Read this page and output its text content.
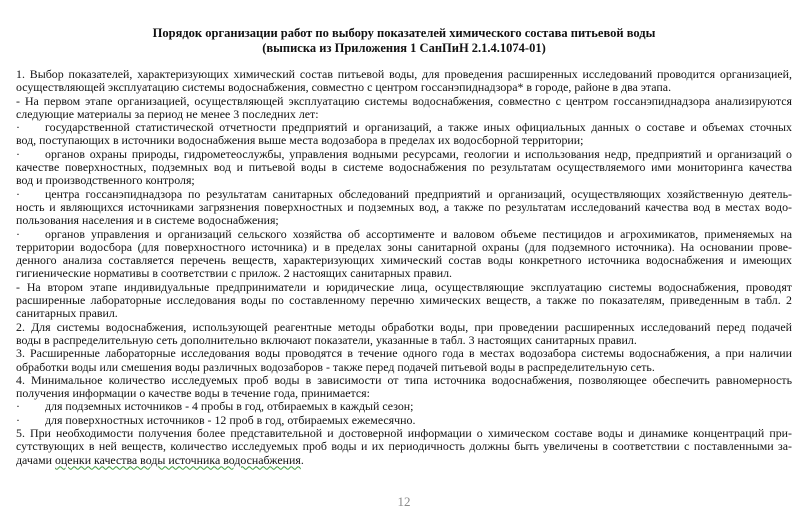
Порядок организации работ по выбору показателей химического состава питьевой воды
(выписка из Приложения 1 СанПиН 2.1.4.1074-01)
1. Выбор показателей, характеризующих химический состав питьевой воды, для проведения расширенных исследований проводится организацией,
осуществляющей эксплуатацию системы водоснабжения, совместно с центром госсанэпиднадзора* в городе, районе в два этапа.
- На первом этапе организацией, осуществляющей эксплуатацию системы водоснабжения, совместно с центром госсанэпиднадзора анализируются
следующие материалы за период не менее 3 последних лет:
· государственной статистической отчетности предприятий и организаций, а также иных официальных данных о составе и объемах сточных
вод, поступающих в источники водоснабжения выше места водозабора в пределах их водосборной территории;
· органов охраны природы, гидрометеослужбы, управления водными ресурсами, геологии и использования недр, предприятий и организаций о
качестве поверхностных, подземных вод и питьевой воды в системе водоснабжения по результатам осуществляемого ими мониторинга качества
вод и производственного контроля;
· центра госсанэпиднадзора по результатам санитарных обследований предприятий и организаций, осуществляющих хозяйственную деятель-
ность и являющихся источниками загрязнения поверхностных и подземных вод, а также по результатам исследований качества вод в местах водо-
пользования населения и в системе водоснабжения;
· органов управления и организаций сельского хозяйства об ассортименте и валовом объеме пестицидов и агрохимикатов, применяемых на
территории водосбора (для поверхностного источника) и в пределах зоны санитарной охраны (для подземного источника). На основании прове-
денного анализа составляется перечень веществ, характеризующих химический состав воды конкретного источника водоснабжения и имеющих
гигиенические нормативы в соответствии с прилож. 2 настоящих санитарных правил.
- На втором этапе индивидуальные предприниматели и юридические лица, осуществляющие эксплуатацию системы водоснабжения, проводят
расширенные лабораторные исследования воды по составленному перечню химических веществ, а также по показателям, приведенным в табл. 2
санитарных правил.
2. Для системы водоснабжения, использующей реагентные методы обработки воды, при проведении расширенных исследований перед подачей
воды в распределительную сеть дополнительно включают показатели, указанные в табл. 3 настоящих санитарных правил.
3. Расширенные лабораторные исследования воды проводятся в течение одного года в местах водозабора системы водоснабжения, а при наличии
обработки воды или смешения воды различных водозаборов - также перед подачей питьевой воды в распределительную сеть.
4. Минимальное количество исследуемых проб воды в зависимости от типа источника водоснабжения, позволяющее обеспечить равномерность
получения информации о качестве воды в течение года, принимается:
· для подземных источников - 4 пробы в год, отбираемых в каждый сезон;
· для поверхностных источников - 12 проб в год, отбираемых ежемесячно.
5. При необходимости получения более представительной и достоверной информации о химическом составе воды и динамике концентраций при-
сутствующих в ней веществ, количество исследуемых проб воды и их периодичность должны быть увеличены в соответствии с поставленными за-
дачами оценки качества воды источника водоснабжения.
12
